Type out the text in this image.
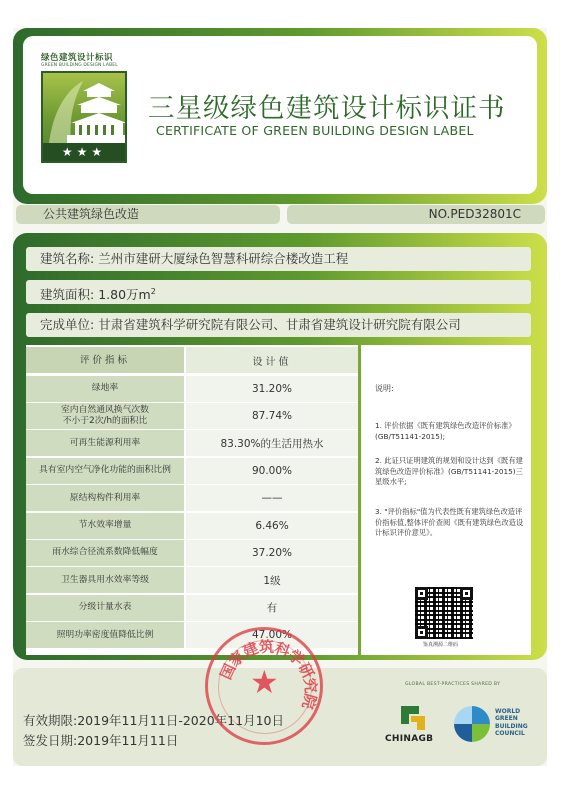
绿色建筑设计标识
GREEN BUILDING DESIGN LABEL
★★★
三星级绿色建筑设计标识证书
CERTIFICATE OF GREEN BUILDING DESIGN LABEL
公共建筑绿色改造	NO.PED32801C
建筑名称: 兰州市建研大厦绿色智慧科研综合楼改造工程
建筑面积: 1.80万$m^2$
完成单位: 甘肃省建筑科学研究院有限公司、甘肃省建筑设计研究院有限公司
评价指标	设计值
绿地率	31.20%
室内自然通风换气次数
不小于2次/h的面积比	87.74%
可再生能源利用率	83.30%的生活用热水
具有室内空气净化功能的面积比例	90.00%
原结构构件利用率	——
节水效率增量	6.46%
雨水综合径流系数降低幅度	37.20%
卫生器具用水效率等级	1级
分级计量水表	有
照明功率密度值降低比例	47.00%
说明:
1. 评价依据《既有建筑绿色改造评价标准》(GB/T51141-2015);
2. 此证只证明建筑的规划和设计达到《既有建筑绿色改造评价标准》(GB/T51141-2015)三星级水平;
3. "评价指标"值为代表性既有建筑绿色改造评价指标值,整体评价查阅《既有建筑绿色改造设计标识评价意见》。
鉴真溯源二维码
有效期限:2019年11月11日-2020年11月10日
签发日期:2019年11月11日
GLOBAL BEST-PRACTICES SHARED BY
CHINAGB
WORLD
GREEN
BUILDING
COUNCIL
★
国
家
建
筑
科
学
研
究
院
